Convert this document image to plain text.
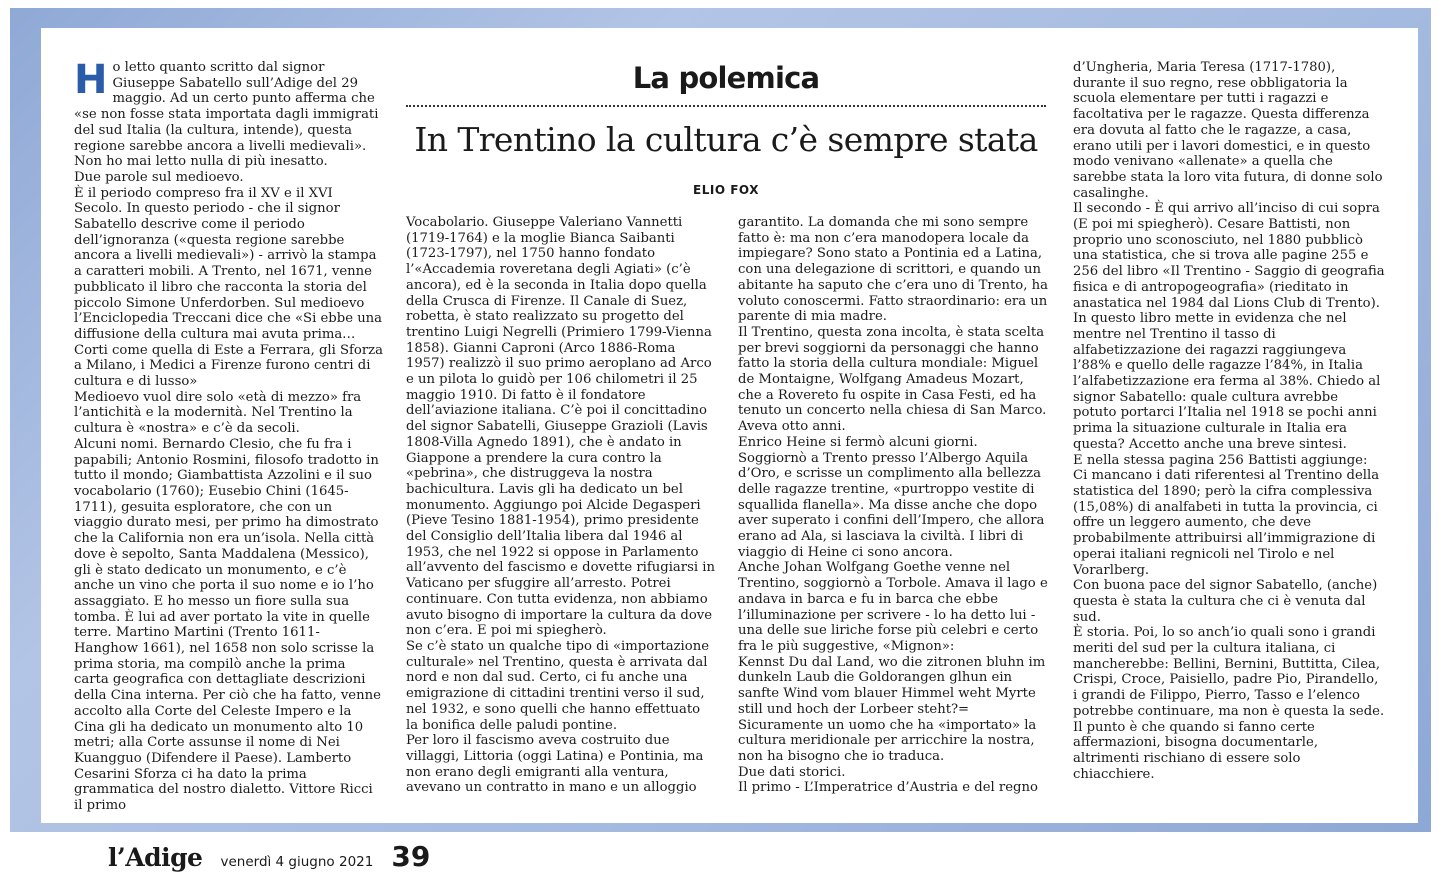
Ho letto quanto scritto dal signor Giuseppe Sabatello sull’Adige del 29 maggio. Ad un certo punto afferma che «se non fosse stata importata dagli immigrati del sud Italia (la cultura, intende), questa regione sarebbe ancora a livelli medievali».

Non ho mai letto nulla di più inesatto.

Due parole sul medioevo.

È il periodo compreso fra il XV e il XVI Secolo. In questo periodo - che il signor Sabatello descrive come il periodo dell’ignoranza («questa regione sarebbe ancora a livelli medievali») - arrivò la stampa a caratteri mobili. A Trento, nel 1671, venne pubblicato il libro che racconta la storia del piccolo Simone Unferdorben. Sul medioevo l’Enciclopedia Treccani dice che «Si ebbe una diffusione della cultura mai avuta prima… Corti come quella di Este a Ferrara, gli Sforza a Milano, i Medici a Firenze furono centri di cultura e di lusso»

Medioevo vuol dire solo «età di mezzo» fra l’antichità e la modernità. Nel Trentino la cultura è «nostra» e c’è da secoli.

Alcuni nomi. Bernardo Clesio, che fu fra i papabili; Antonio Rosmini, filosofo tradotto in tutto il mondo; Giambattista Azzolini e il suo vocabolario (1760); Eusebio Chini (1645-1711), gesuita esploratore, che con un viaggio durato mesi, per primo ha dimostrato che la California non era un’isola. Nella città dove è sepolto, Santa Maddalena (Messico), gli è stato dedicato un monumento, e c’è anche un vino che porta il suo nome e io l’ho assaggiato. E ho messo un fiore sulla sua tomba. È lui ad aver portato la vite in quelle terre. Martino Martini (Trento 1611- Hanghow 1661), nel 1658 non solo scrisse la prima storia, ma compilò anche la prima carta geografica con dettagliate descrizioni della Cina interna. Per ciò che ha fatto, venne accolto alla Corte del Celeste Impero e la Cina gli ha dedicato un monumento alto 10 metri; alla Corte assunse il nome di Nei Kuangguo (Difendere il Paese). Lamberto Cesarini Sforza ci ha dato la prima grammatica del nostro dialetto. Vittore Ricci il primo

La polemica
In Trentino la cultura c’è sempre stata
ELIO FOX

Vocabolario. Giuseppe Valeriano Vannetti (1719-1764) e la moglie Bianca Saibanti (1723-1797), nel 1750 hanno fondato l’«Accademia roveretana degli Agiati» (c’è ancora), ed è la seconda in Italia dopo quella della Crusca di Firenze. Il Canale di Suez, robetta, è stato realizzato su progetto del trentino Luigi Negrelli (Primiero 1799-Vienna 1858). Gianni Caproni (Arco 1886-Roma 1957) realizzò il suo primo aeroplano ad Arco e un pilota lo guidò per 106 chilometri il 25 maggio 1910. Di fatto è il fondatore dell’aviazione italiana. C’è poi il concittadino del signor Sabatelli, Giuseppe Grazioli (Lavis 1808-Villa Agnedo 1891), che è andato in Giappone a prendere la cura contro la «pebrina», che distruggeva la nostra bachicultura. Lavis gli ha dedicato un bel monumento. Aggiungo poi Alcide Degasperi (Pieve Tesino 1881-1954), primo presidente del Consiglio dell’Italia libera dal 1946 al 1953, che nel 1922 si oppose in Parlamento all’avvento del fascismo e dovette rifugiarsi in Vaticano per sfuggire all’arresto. Potrei continuare. Con tutta evidenza, non abbiamo avuto bisogno di importare la cultura da dove non c’era. E poi mi spiegherò.

Se c’è stato un qualche tipo di «importazione culturale» nel Trentino, questa è arrivata dal nord e non dal sud. Certo, ci fu anche una emigrazione di cittadini trentini verso il sud, nel 1932, e sono quelli che hanno effettuato la bonifica delle paludi pontine.

Per loro il fascismo aveva costruito due villaggi, Littoria (oggi Latina) e Pontinia, ma non erano degli emigranti alla ventura, avevano un contratto in mano e un alloggio

garantito. La domanda che mi sono sempre fatto è: ma non c’era manodopera locale da impiegare? Sono stato a Pontinia ed a Latina, con una delegazione di scrittori, e quando un abitante ha saputo che c’era uno di Trento, ha voluto conoscermi. Fatto straordinario: era un parente di mia madre.

Il Trentino, questa zona incolta, è stata scelta per brevi soggiorni da personaggi che hanno fatto la storia della cultura mondiale: Miguel de Montaigne, Wolfgang Amadeus Mozart, che a Rovereto fu ospite in Casa Festi, ed ha tenuto un concerto nella chiesa di San Marco. Aveva otto anni.

Enrico Heine si fermò alcuni giorni. Soggiornò a Trento presso l’Albergo Aquila d’Oro, e scrisse un complimento alla bellezza delle ragazze trentine, «purtroppo vestite di squallida flanella». Ma disse anche che dopo aver superato i confini dell’Impero, che allora erano ad Ala, si lasciava la civiltà. I libri di viaggio di Heine ci sono ancora.

Anche Johan Wolfgang Goethe venne nel Trentino, soggiornò a Torbole. Amava il lago e andava in barca e fu in barca che ebbe l’illuminazione per scrivere - lo ha detto lui - una delle sue liriche forse più celebri e certo fra le più suggestive, «Mignon»:

Kennst Du dal Land, wo die zitronen bluhn im dunkeln Laub die Goldorangen glhun ein sanfte Wind vom blauer Himmel weht Myrte still und hoch der Lorbeer steht?=

Sicuramente un uomo che ha «importato» la cultura meridionale per arricchire la nostra, non ha bisogno che io traduca.

Due dati storici.

Il primo - L’Imperatrice d’Austria e del regno

d’Ungheria, Maria Teresa (1717-1780), durante il suo regno, rese obbligatoria la scuola elementare per tutti i ragazzi e facoltativa per le ragazze. Questa differenza era dovuta al fatto che le ragazze, a casa, erano utili per i lavori domestici, e in questo modo venivano «allenate» a quella che sarebbe stata la loro vita futura, di donne solo casalinghe.

Il secondo - È qui arrivo all’inciso di cui sopra (E poi mi spiegherò). Cesare Battisti, non proprio uno sconosciuto, nel 1880 pubblicò una statistica, che si trova alle pagine 255 e 256 del libro «Il Trentino - Saggio di geografia fisica e di antropogeografia» (rieditato in anastatica nel 1984 dal Lions Club di Trento). In questo libro mette in evidenza che nel mentre nel Trentino il tasso di alfabetizzazione dei ragazzi raggiungeva l’88% e quello delle ragazze l’84%, in Italia l’alfabetizzazione era ferma al 38%. Chiedo al signor Sabatello: quale cultura avrebbe potuto portarci l’Italia nel 1918 se pochi anni prima la situazione culturale in Italia era questa? Accetto anche una breve sintesi.

E nella stessa pagina 256 Battisti aggiunge: Ci mancano i dati riferentesi al Trentino della statistica del 1890; però la cifra complessiva (15,08%) di analfabeti in tutta la provincia, ci offre un leggero aumento, che deve probabilmente attribuirsi all’immigrazione di operai italiani regnicoli nel Tirolo e nel Vorarlberg.

Con buona pace del signor Sabatello, (anche) questa è stata la cultura che ci è venuta dal sud.

È storia. Poi, lo so anch’io quali sono i grandi meriti del sud per la cultura italiana, ci mancherebbe: Bellini, Bernini, Buttitta, Cilea, Crispi, Croce, Paisiello, padre Pio, Pirandello, i grandi de Filippo, Pierro, Tasso e l’elenco potrebbe continuare, ma non è questa la sede.

Il punto è che quando si fanno certe affermazioni, bisogna documentarle, altrimenti rischiano di essere solo chiacchiere.

l’Adige venerdì 4 giugno 2021 39
